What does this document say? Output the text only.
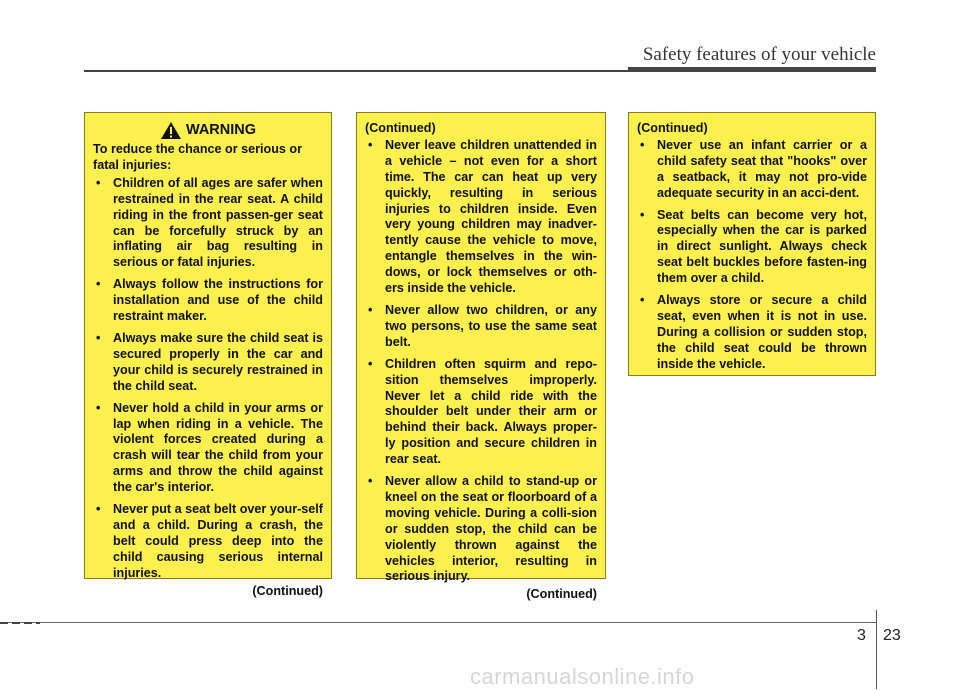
Safety features of your vehicle
WARNING
To reduce the chance or serious or fatal injuries:
• Children of all ages are safer when restrained in the rear seat. A child riding in the front passen-ger seat can be forcefully struck by an inflating air bag resulting in serious or fatal injuries.
• Always follow the instructions for installation and use of the child restraint maker.
• Always make sure the child seat is secured properly in the car and your child is securely restrained in the child seat.
• Never hold a child in your arms or lap when riding in a vehicle. The violent forces created during a crash will tear the child from your arms and throw the child against the car's interior.
• Never put a seat belt over your-self and a child. During a crash, the belt could press deep into the child causing serious internal injuries.
(Continued)
(Continued)
• Never leave children unattended in a vehicle – not even for a short time. The car can heat up very quickly, resulting in serious injuries to children inside. Even very young children may inadver-tently cause the vehicle to move, entangle themselves in the win-dows, or lock themselves or oth-ers inside the vehicle.
• Never allow two children, or any two persons, to use the same seat belt.
• Children often squirm and repo-sition themselves improperly. Never let a child ride with the shoulder belt under their arm or behind their back. Always proper-ly position and secure children in rear seat.
• Never allow a child to stand-up or kneel on the seat or floorboard of a moving vehicle. During a colli-sion or sudden stop, the child can be violently thrown against the vehicles interior, resulting in serious injury.
(Continued)
(Continued)
• Never use an infant carrier or a child safety seat that "hooks" over a seatback, it may not pro-vide adequate security in an acci-dent.
• Seat belts can become very hot, especially when the car is parked in direct sunlight. Always check seat belt buckles before fasten-ing them over a child.
• Always store or secure a child seat, even when it is not in use. During a collision or sudden stop, the child seat could be thrown inside the vehicle.
3 23
carmanualsonline.info
